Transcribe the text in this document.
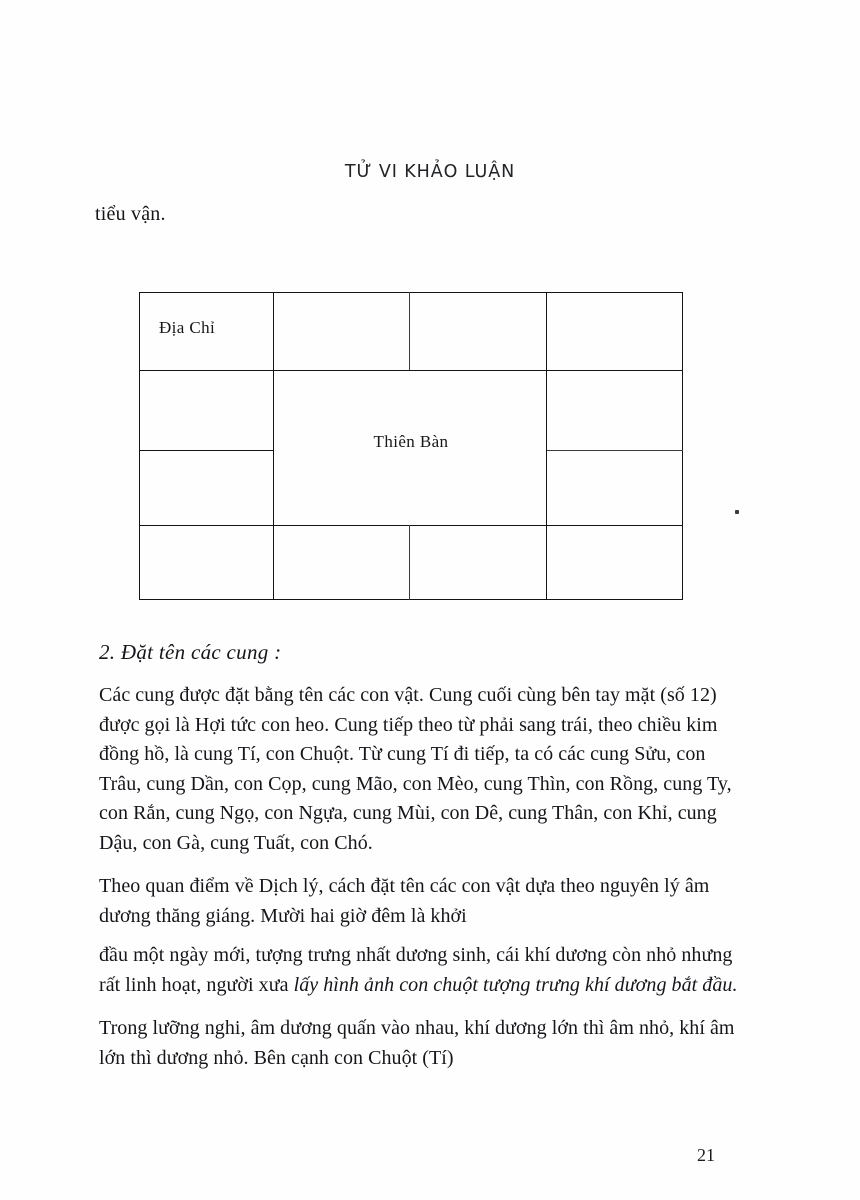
TỬ VI KHẢO LUẬN
tiểu vận.
Địa Chỉ
Thiên Bàn

2. Đặt tên các cung :

Các cung được đặt bằng tên các con vật. Cung cuối cùng bên tay mặt (số 12) được gọi là Hợi tức con heo. Cung tiếp theo từ phải sang trái, theo chiều kim đồng hồ, là cung Tí, con Chuột. Từ cung Tí đi tiếp, ta có các cung Sửu, con Trâu, cung Dần, con Cọp, cung Mão, con Mèo, cung Thìn, con Rồng, cung Ty, con Rắn, cung Ngọ, con Ngựa, cung Mùi, con Dê, cung Thân, con Khỉ, cung Dậu, con Gà, cung Tuất, con Chó.

Theo quan điểm về Dịch lý, cách đặt tên các con vật dựa theo nguyên lý âm dương thăng giáng. Mười hai giờ đêm là khởi

đầu một ngày mới, tượng trưng nhất dương sinh, cái khí dương còn nhỏ nhưng rất linh hoạt, người xưa lấy hình ảnh con chuột tượng trưng khí dương bắt đầu.

Trong lưỡng nghi, âm dương quấn vào nhau, khí dương lớn thì âm nhỏ, khí âm lớn thì dương nhỏ. Bên cạnh con Chuột (Tí)

21
